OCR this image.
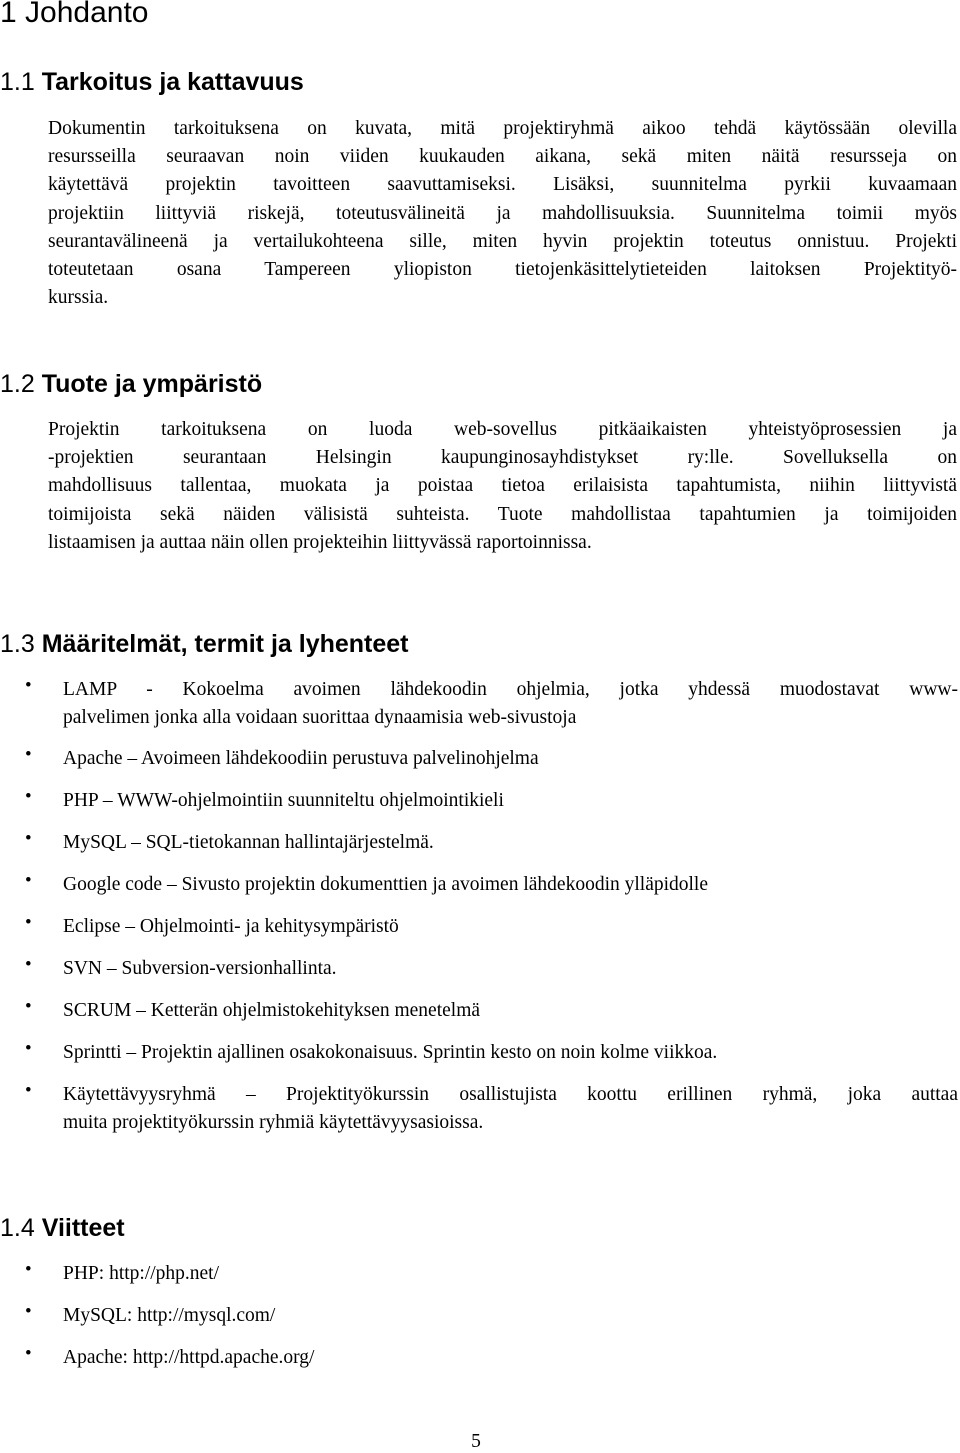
1 Johdanto
1.1 Tarkoitus ja kattavuus
Dokumentin tarkoituksena on kuvata, mitä projektiryhmä aikoo tehdä käytössään olevilla
resursseilla seuraavan noin viiden kuukauden aikana, sekä miten näitä resursseja on
käytettävä projektin tavoitteen saavuttamiseksi. Lisäksi, suunnitelma pyrkii kuvaamaan
projektiin liittyviä riskejä, toteutusvälineitä ja mahdollisuuksia. Suunnitelma toimii myös
seurantavälineenä ja vertailukohteena sille, miten hyvin projektin toteutus onnistuu. Projekti
toteutetaan osana Tampereen yliopiston tietojenkäsittelytieteiden laitoksen Projektityö-
kurssia.
1.2 Tuote ja ympäristö
Projektin tarkoituksena on luoda web-sovellus pitkäaikaisten yhteistyöprosessien ja
-projektien seurantaan Helsingin kaupunginosayhdistykset ry:lle. Sovelluksella on
mahdollisuus tallentaa, muokata ja poistaa tietoa erilaisista tapahtumista, niihin liittyvistä
toimijoista sekä näiden välisistä suhteista. Tuote mahdollistaa tapahtumien ja toimijoiden
listaamisen ja auttaa näin ollen projekteihin liittyvässä raportoinnissa.
1.3 Määritelmät, termit ja lyhenteet
• LAMP - Kokoelma avoimen lähdekoodin ohjelmia, jotka yhdessä muodostavat www-
palvelimen jonka alla voidaan suorittaa dynaamisia web-sivustoja
• Apache – Avoimeen lähdekoodiin perustuva palvelinohjelma
• PHP – WWW-ohjelmointiin suunniteltu ohjelmointikieli
• MySQL – SQL-tietokannan hallintajärjestelmä.
• Google code – Sivusto projektin dokumenttien ja avoimen lähdekoodin ylläpidolle
• Eclipse – Ohjelmointi- ja kehitysympäristö
• SVN – Subversion-versionhallinta.
• SCRUM – Ketterän ohjelmistokehityksen menetelmä
• Sprintti – Projektin ajallinen osakokonaisuus. Sprintin kesto on noin kolme viikkoa.
• Käytettävyysryhmä – Projektityökurssin osallistujista koottu erillinen ryhmä, joka auttaa
muita projektityökurssin ryhmiä käytettävyysasioissa.
1.4 Viitteet
• PHP: http://php.net/
• MySQL: http://mysql.com/
• Apache: http://httpd.apache.org/
5
